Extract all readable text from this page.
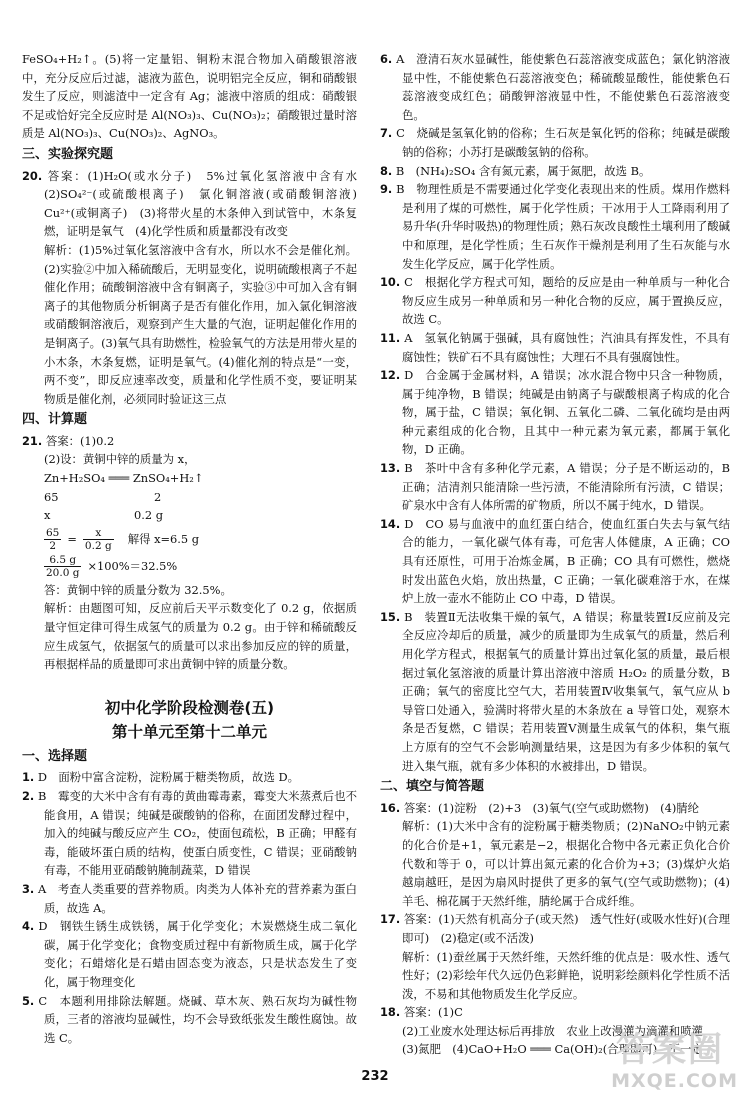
FeSO₄+H₂↑。(5)将一定量铝、铜粉末混合物加入硝酸银溶液中，充分反应后过滤，滤液为蓝色，说明铝完全反应，铜和硝酸银发生了反应，则滤渣中一定含有 Ag；滤液中溶质的组成：硝酸银不足或恰好完全反应时是 Al(NO₃)₃、Cu(NO₃)₂；硝酸银过量时溶质是 Al(NO₃)₃、Cu(NO₃)₂、AgNO₃。

三、实验探究题

20. 答案：(1)H₂O(或水分子)　5%过氧化氢溶液中含有水　(2)SO₄²⁻(或硫酸根离子)　氯化铜溶液(或硝酸铜溶液)　Cu²⁺(或铜离子)　(3)将带火星的木条伸入到试管中，木条复燃，证明是氧气　(4)化学性质和质量都没有改变

解析：(1)5%过氧化氢溶液中含有水，所以水不会是催化剂。(2)实验②中加入稀硫酸后，无明显变化，说明硫酸根离子不起催化作用；硫酸铜溶液中含有铜离子，实验③中可加入含有铜离子的其他物质分析铜离子是否有催化作用，加入氯化铜溶液或硝酸铜溶液后，观察到产生大量的气泡，证明起催化作用的是铜离子。(3)氧气具有助燃性，检验氧气的方法是用带火星的小木条，木条复燃，证明是氧气。(4)催化剂的特点是“一变，两不变”，即反应速率改变，质量和化学性质不变，要证明某物质是催化剂，必须同时验证这三点

四、计算题

21. 答案：(1)0.2

(2)设：黄铜中锌的质量为 x，
Zn+H₂SO₄ ═══ ZnSO₄+H₂↑
65	2
x	0.2 g
$\frac{65}{2} = \frac{x}{0.2 g}$ 解得 x=6.5 g
$\frac{6.5 g}{20.0 g} \times 100\%=32.5\%$
答：黄铜中锌的质量分数为 32.5%。

解析：由题图可知，反应前后天平示数变化了 0.2 g，依据质量守恒定律可得生成氢气的质量为 0.2 g。由于锌和稀硫酸反应生成氢气，依据氢气的质量可以求出参加反应的锌的质量，再根据样品的质量即可求出黄铜中锌的质量分数。

初中化学阶段检测卷(五)
第十单元至第十二单元
一、选择题

1. D　面粉中富含淀粉，淀粉属于糖类物质，故选 D。

2. B　霉变的大米中含有有毒的黄曲霉毒素，霉变大米蒸煮后也不能食用，A 错误；纯碱是碳酸钠的俗称，在面团发酵过程中，加入的纯碱与酸反应产生 CO₂，使面包疏松，B 正确；甲醛有毒，能破坏蛋白质的结构，使蛋白质变性，C 错误；亚硝酸钠有毒，不能用亚硝酸钠腌制蔬菜，D 错误

3. A　考查人类重要的营养物质。肉类为人体补充的营养素为蛋白质，故选 A。

4. D　钢铁生锈生成铁锈，属于化学变化；木炭燃烧生成二氧化碳，属于化学变化；食物变质过程中有新物质生成，属于化学变化；石蜡熔化是石蜡由固态变为液态，只是状态发生了变化，属于物理变化

5. C　本题利用排除法解题。烧碱、草木灰、熟石灰均为碱性物质，三者的溶液均显碱性，均不会导致纸张发生酸性腐蚀。故选 C。

6. A　澄清石灰水显碱性，能使紫色石蕊溶液变成蓝色；氯化钠溶液显中性，不能使紫色石蕊溶液变色；稀硫酸显酸性，能使紫色石蕊溶液变成红色；硝酸钾溶液显中性，不能使紫色石蕊溶液变色。

7. C　烧碱是氢氧化钠的俗称；生石灰是氧化钙的俗称；纯碱是碳酸钠的俗称；小苏打是碳酸氢钠的俗称。

8. B　(NH₄)₂SO₄ 含有氮元素，属于氮肥，故选 B。

9. B　物理性质是不需要通过化学变化表现出来的性质。煤用作燃料是利用了煤的可燃性，属于化学性质；干冰用于人工降雨利用了易升华(升华时吸热)的物理性质；熟石灰改良酸性土壤利用了酸碱中和原理，是化学性质；生石灰作干燥剂是利用了生石灰能与水发生化学反应，属于化学性质。

10. C　根据化学方程式可知，题给的反应是由一种单质与一种化合物反应生成另一种单质和另一种化合物的反应，属于置换反应，故选 C。

11. A　氢氧化钠属于强碱，具有腐蚀性；汽油具有挥发性，不具有腐蚀性；铁矿石不具有腐蚀性；大理石不具有强腐蚀性。

12. D　合金属于金属材料，A 错误；冰水混合物中只含一种物质，属于纯净物，B 错误；纯碱是由钠离子与碳酸根离子构成的化合物，属于盐，C 错误；氧化铜、五氧化二磷、二氧化硫均是由两种元素组成的化合物，且其中一种元素为氧元素，都属于氧化物，D 正确。

13. B　茶叶中含有多种化学元素，A 错误；分子是不断运动的，B 正确；洁清剂只能清除一些污渍，不能清除所有污渍，C 错误；矿泉水中含有人体所需的矿物质，所以不属于纯水，D 错误。

14. D　CO 易与血液中的血红蛋白结合，使血红蛋白失去与氧气结合的能力，一氧化碳气体有毒，可危害人体健康，A 正确；CO 具有还原性，可用于冶炼金属，B 正确；CO 具有可燃性，燃烧时发出蓝色火焰，放出热量，C 正确；一氧化碳难溶于水，在煤炉上放一壶水不能防止 CO 中毒，D 错误。

15. B　装置Ⅱ无法收集干燥的氧气，A 错误；称量装置Ⅰ反应前及完全反应冷却后的质量，减少的质量即为生成氧气的质量，然后利用化学方程式，根据氧气的质量计算出过氧化氢的质量，最后根据过氧化氢溶液的质量计算出溶液中溶质 H₂O₂ 的质量分数，B 正确；氧气的密度比空气大，若用装置Ⅳ收集氧气，氧气应从 b 导管口处通入，验满时将带火星的木条放在 a 导管口处，观察木条是否复燃，C 错误；若用装置Ⅴ测量生成氧气的体积，集气瓶上方原有的空气不会影响测量结果，这是因为有多少体积的氧气进入集气瓶，就有多少体积的水被排出，D 错误。

二、填空与简答题

16. 答案：(1)淀粉　(2)+3　(3)氧气(空气或助燃物)　(4)腈纶

解析：(1)大米中含有的淀粉属于糖类物质；(2)NaNO₂中钠元素的化合价是+1，氧元素是−2，根据化合物中各元素正负化合价代数和等于 0，可以计算出氮元素的化合价为+3；(3)煤炉火焰越扇越旺，是因为扇风时提供了更多的氧气(空气或助燃物)；(4)羊毛、棉花属于天然纤维，腈纶属于合成纤维。

17. 答案：(1)天然有机高分子(或天然)　透气性好(或吸水性好)(合理即可)　(2)稳定(或不活泼)

解析：(1)蚕丝属于天然纤维，天然纤维的优点是：吸水性、透气性好；(2)彩绘年代久远仍色彩鲜艳，说明彩绘颜料化学性质不活泼，不易和其他物质发生化学反应。

18. 答案：(1)C

(2)工业废水处理达标后再排放　农业上改漫灌为滴灌和喷灌

(3)氮肥　(4)CaO+H₂O ═══ Ca(OH)₂(合理即可)　不一定

232
答案圈
MXQE.COM
